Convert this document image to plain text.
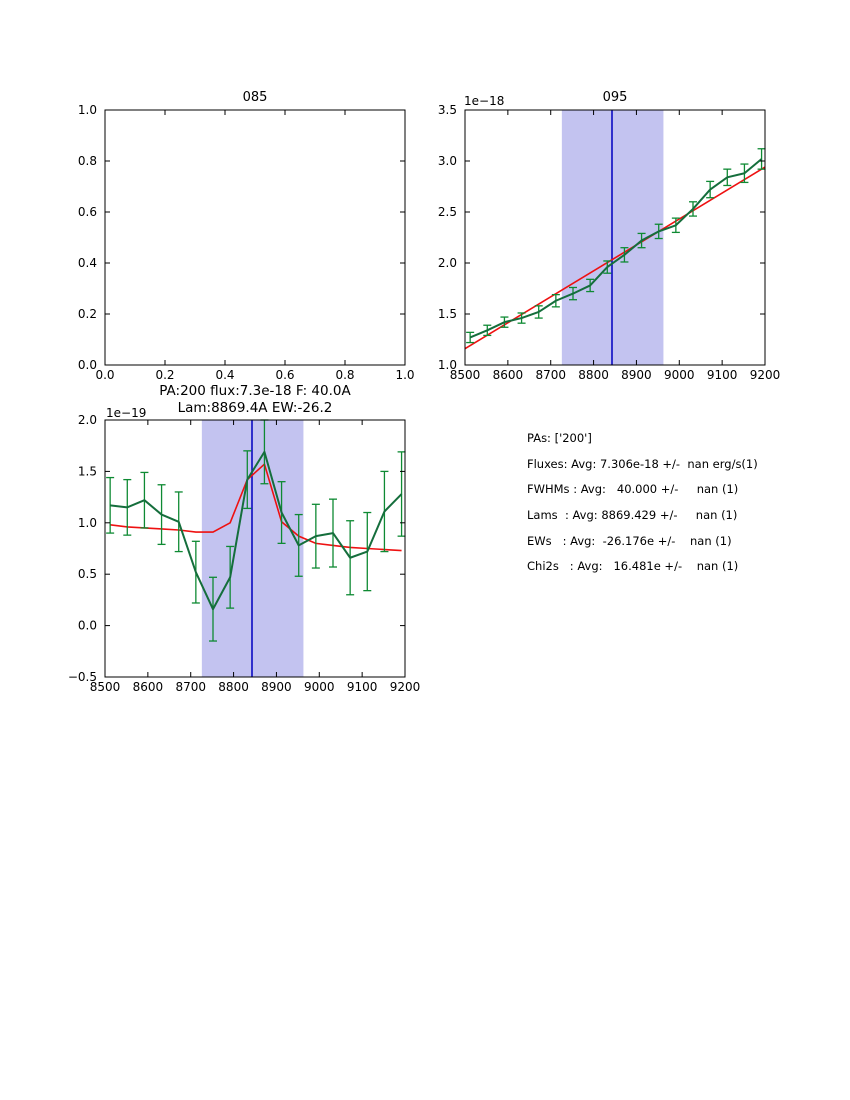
085
0.0	0.2	0.4	0.6	0.8	1.0
0.0
0.2
0.4
0.6
0.8
1.0
095
1e−18
8500 8600 8700 8800 8900 9000 9100 9200
1.0
1.5
2.0
2.5
3.0
3.5
PA:200 flux:7.3e-18 F: 40.0A
Lam:8869.4A EW:-26.2
1e−19
8500 8600 8700 8800 8900 9000 9100 9200
−0.5
0.0
0.5
1.0
1.5
2.0
PAs: ['200']
Fluxes: Avg: 7.306e-18 +/-  nan erg/s(1)
FWHMs : Avg:   40.000 +/-     nan (1)
Lams  : Avg: 8869.429 +/-     nan (1)
EWs   : Avg:  -26.176e +/-    nan (1)
Chi2s   : Avg:   16.481e +/-    nan (1)
